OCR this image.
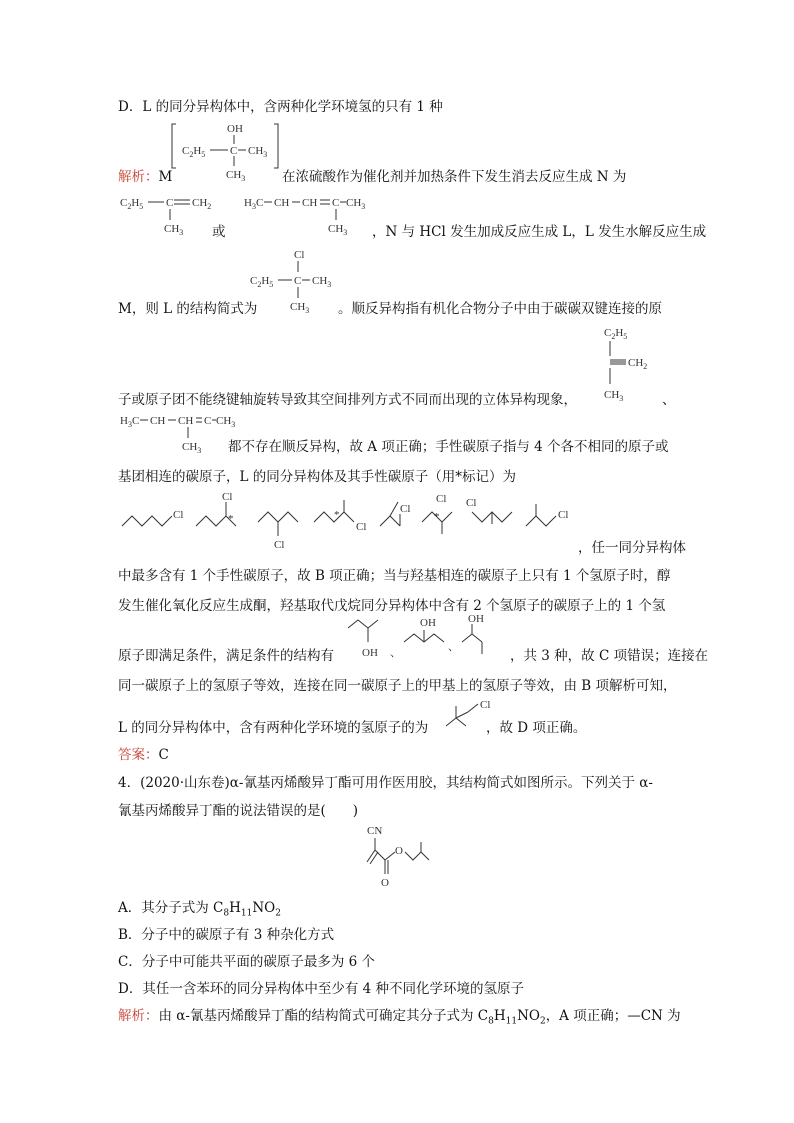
D．L 的同分异构体中，含两种化学环境氢的只有 1 种
OH
$C_2H_5$ C $CH_3$
$CH_3$
解析：M	在浓硫酸作为催化剂并加热条件下发生消去反应生成 N 为
$C_2H_5$ C $CH_2$
$CH_3$ 或
$H_3C$ CH CH C $CH_3$
$CH_3$ ，N 与 HCl 发生加成反应生成 L，L 发生水解反应生成
Cl
$C_2H_5$ C $CH_3$
$CH_3$
M，则 L 的结构简式为	。顺反异构指有机化合物分子中由于碳碳双键连接的原
$C_2H_5$
$CH_2$
$CH_3$
子或原子团不能绕键轴旋转导致其空间排列方式不同而出现的立体异构现象，	、
$H_3C$ CH CH C $CH_3$
$CH_3$ 都不存在顺反异构，故 A 项正确；手性碳原子指与 4 个各不相同的原子或
基团相连的碳原子，L 的同分异构体及其手性碳原子（用*标记）为
Cl
Cl
*
Cl
*
Cl
Cl
Cl
*
Cl
Cl
，任一同分异构体
中最多含有 1 个手性碳原子，故 B 项正确；当与羟基相连的碳原子上只有 1 个氢原子时，醇
发生催化氧化反应生成酮，羟基取代戊烷同分异构体中含有 2 个氢原子的碳原子上的 1 个氢
OH 、
OH
、
OH
原子即满足条件，满足条件的结构有	，共 3 种，故 C 项错误；连接在
同一碳原子上的氢原子等效，连接在同一碳原子上的甲基上的氢原子等效，由 B 项解析可知，
Cl
L 的同分异构体中，含有两种化学环境的氢原子的为	，故 D 项正确。
答案：C
4．(2020·山东卷)α-氰基丙烯酸异丁酯可用作医用胶，其结构简式如图所示。下列关于 α-
氰基丙烯酸异丁酯的说法错误的是(　　)
CN
O
O
A．其分子式为 $C_8H_{11}NO_2$
B．分子中的碳原子有 3 种杂化方式
C．分子中可能共平面的碳原子最多为 6 个
D．其任一含苯环的同分异构体中至少有 4 种不同化学环境的氢原子
解析：由 α-氰基丙烯酸异丁酯的结构简式可确定其分子式为 $C_8H_{11}NO_2$，A 项正确；—CN 为
